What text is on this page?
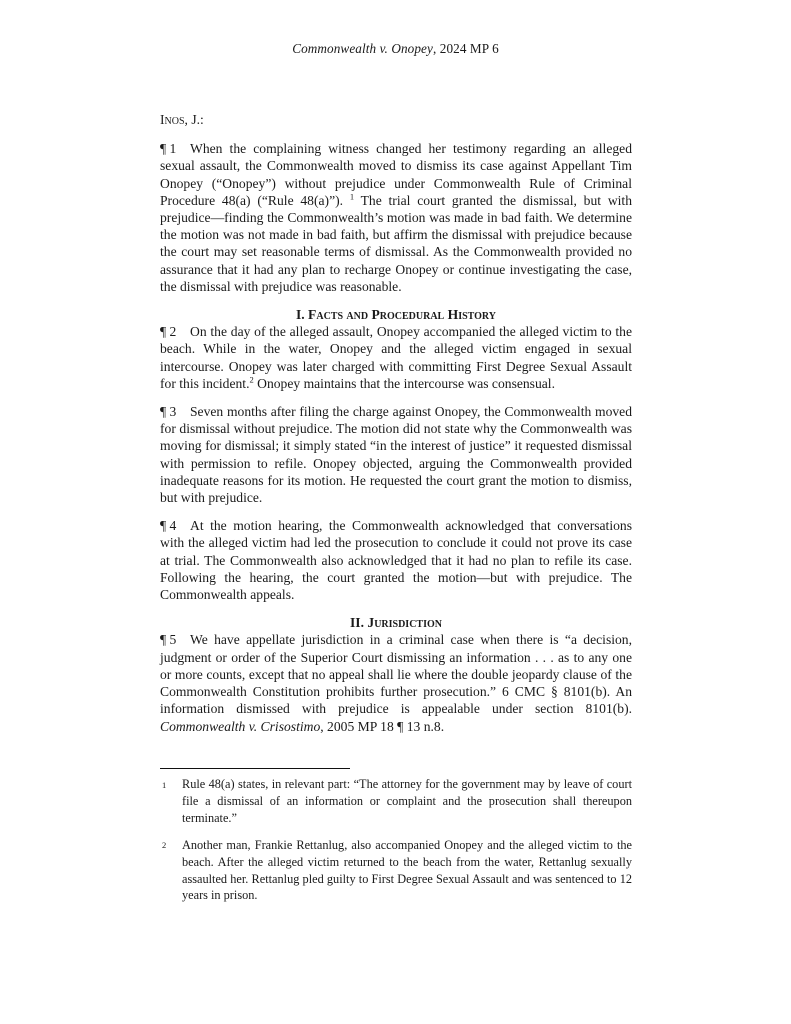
Commonwealth v. Onopey, 2024 MP 6
Inos, J.:

¶ 1 When the complaining witness changed her testimony regarding an alleged sexual assault, the Commonwealth moved to dismiss its case against Appellant Tim Onopey (“Onopey”) without prejudice under Commonwealth Rule of Criminal Procedure 48(a) (“Rule 48(a)”). $^1$ The trial court granted the dismissal, but with prejudice—finding the Commonwealth’s motion was made in bad faith. We determine the motion was not made in bad faith, but affirm the dismissal with prejudice because the court may set reasonable terms of dismissal. As the Commonwealth provided no assurance that it had any plan to recharge Onopey or continue investigating the case, the dismissal with prejudice was reasonable.

I. Facts and Procedural History

¶ 2 On the day of the alleged assault, Onopey accompanied the alleged victim to the beach. While in the water, Onopey and the alleged victim engaged in sexual intercourse. Onopey was later charged with committing First Degree Sexual Assault for this incident.$^2$ Onopey maintains that the intercourse was consensual.

¶ 3 Seven months after filing the charge against Onopey, the Commonwealth moved for dismissal without prejudice. The motion did not state why the Commonwealth was moving for dismissal; it simply stated “in the interest of justice” it requested dismissal with permission to refile. Onopey objected, arguing the Commonwealth provided inadequate reasons for its motion. He requested the court grant the motion to dismiss, but with prejudice.

¶ 4 At the motion hearing, the Commonwealth acknowledged that conversations with the alleged victim had led the prosecution to conclude it could not prove its case at trial. The Commonwealth also acknowledged that it had no plan to refile its case. Following the hearing, the court granted the motion—but with prejudice. The Commonwealth appeals.

II. Jurisdiction

¶ 5 We have appellate jurisdiction in a criminal case when there is “a decision, judgment or order of the Superior Court dismissing an information . . . as to any one or more counts, except that no appeal shall lie where the double jeopardy clause of the Commonwealth Constitution prohibits further prosecution.” 6 CMC § 8101(b). An information dismissed with prejudice is appealable under section 8101(b). Commonwealth v. Crisostimo, 2005 MP 18 ¶ 13 n.8.

1 Rule 48(a) states, in relevant part: “The attorney for the government may by leave of court file a dismissal of an information or complaint and the prosecution shall thereupon terminate.”
2 Another man, Frankie Rettanlug, also accompanied Onopey and the alleged victim to the beach. After the alleged victim returned to the beach from the water, Rettanlug sexually assaulted her. Rettanlug pled guilty to First Degree Sexual Assault and was sentenced to 12 years in prison.
